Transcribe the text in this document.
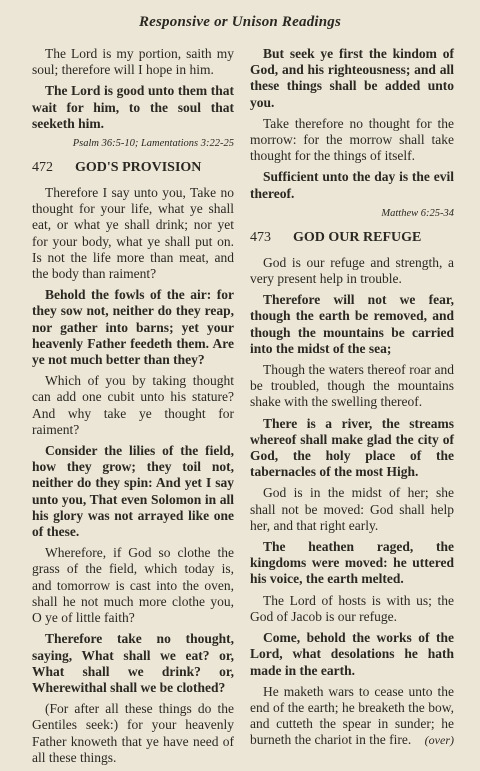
Responsive or Unison Readings

The Lord is my portion, saith my soul; therefore will I hope in him.

The Lord is good unto them that wait for him, to the soul that seeketh him.

Psalm 36:5-10; Lamentations 3:22-25
472 GOD'S PROVISION

Therefore I say unto you, Take no thought for your life, what ye shall eat, or what ye shall drink; nor yet for your body, what ye shall put on. Is not the life more than meat, and the body than raiment?

Behold the fowls of the air: for they sow not, neither do they reap, nor gather into barns; yet your heavenly Father feedeth them. Are ye not much better than they?

Which of you by taking thought can add one cubit unto his stature? And why take ye thought for raiment?

Consider the lilies of the field, how they grow; they toil not, neither do they spin: And yet I say unto you, That even Solomon in all his glory was not arrayed like one of these.

Wherefore, if God so clothe the grass of the field, which today is, and tomorrow is cast into the oven, shall he not much more clothe you, O ye of little faith?

Therefore take no thought, saying, What shall we eat? or, What shall we drink? or, Wherewithal shall we be clothed?

(For after all these things do the Gentiles seek:) for your heavenly Father knoweth that ye have need of all these things.

But seek ye first the kindom of God, and his righteousness; and all these things shall be added unto you.

Take therefore no thought for the morrow: for the morrow shall take thought for the things of itself.

Sufficient unto the day is the evil thereof.

Matthew 6:25-34
473 GOD OUR REFUGE

God is our refuge and strength, a very present help in trouble.

Therefore will not we fear, though the earth be removed, and though the mountains be carried into the midst of the sea;

Though the waters thereof roar and be troubled, though the mountains shake with the swelling thereof.

There is a river, the streams whereof shall make glad the city of God, the holy place of the tabernacles of the most High.

God is in the midst of her; she shall not be moved: God shall help her, and that right early.

The heathen raged, the kingdoms were moved: he uttered his voice, the earth melted.

The Lord of hosts is with us; the God of Jacob is our refuge.

Come, behold the works of the Lord, what desolations he hath made in the earth.

He maketh wars to cease unto the end of the earth; he breaketh the bow, and cutteth the spear in sunder; he burneth the chariot in the fire.	(over)
